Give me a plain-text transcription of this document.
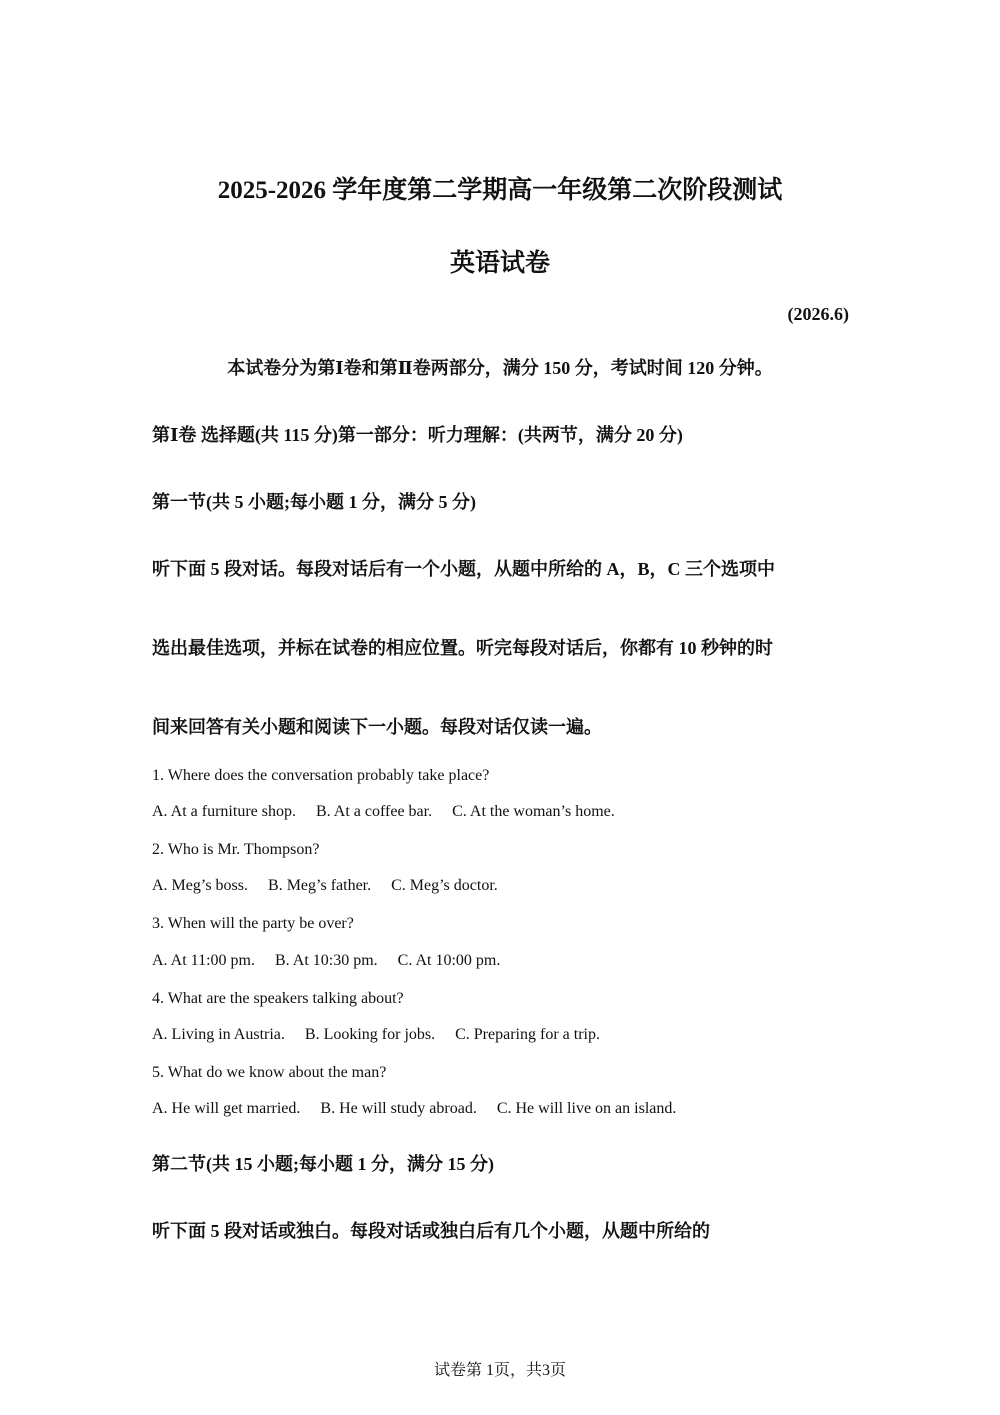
2025-2026 学年度第二学期高一年级第二次阶段测试
英语试卷
(2026.6)
本试卷分为第Ⅰ卷和第Ⅱ卷两部分，满分 150 分，考试时间 120 分钟。
第Ⅰ卷 选择题(共 115 分)第一部分：听力理解：(共两节，满分 20 分)
第一节(共 5 小题;每小题 1 分，满分 5 分)
听下面 5 段对话。每段对话后有一个小题，从题中所给的 A，B，C 三个选项中
选出最佳选项，并标在试卷的相应位置。听完每段对话后，你都有 10 秒钟的时
间来回答有关小题和阅读下一小题。每段对话仅读一遍。
1. Where does the conversation probably take place?
A. At a furniture shop. B. At a coffee bar. C. At the woman’s home.
2. Who is Mr. Thompson?
A. Meg’s boss. B. Meg’s father. C. Meg’s doctor.
3. When will the party be over?
A. At 11:00 pm. B. At 10:30 pm. C. At 10:00 pm.
4. What are the speakers talking about?
A. Living in Austria. B. Looking for jobs. C. Preparing for a trip.
5. What do we know about the man?
A. He will get married. B. He will study abroad. C. He will live on an island.
第二节(共 15 小题;每小题 1 分，满分 15 分)
听下面 5 段对话或独白。每段对话或独白后有几个小题，从题中所给的
试卷第 1页，共3页
